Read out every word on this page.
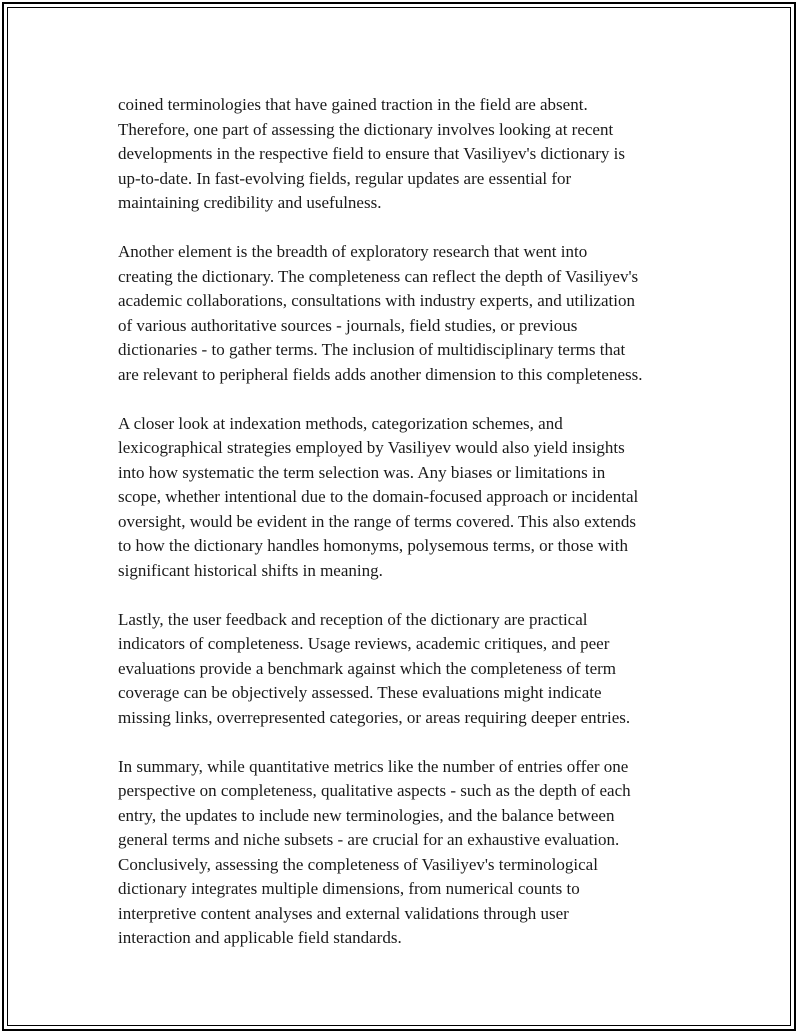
coined terminologies that have gained traction in the field are absent.
Therefore, one part of assessing the dictionary involves looking at recent
developments in the respective field to ensure that Vasiliyev's dictionary is
up-to-date. In fast-evolving fields, regular updates are essential for
maintaining credibility and usefulness.

Another element is the breadth of exploratory research that went into
creating the dictionary. The completeness can reflect the depth of Vasiliyev's
academic collaborations, consultations with industry experts, and utilization
of various authoritative sources - journals, field studies, or previous
dictionaries - to gather terms. The inclusion of multidisciplinary terms that
are relevant to peripheral fields adds another dimension to this completeness.

A closer look at indexation methods, categorization schemes, and
lexicographical strategies employed by Vasiliyev would also yield insights
into how systematic the term selection was. Any biases or limitations in
scope, whether intentional due to the domain-focused approach or incidental
oversight, would be evident in the range of terms covered. This also extends
to how the dictionary handles homonyms, polysemous terms, or those with
significant historical shifts in meaning.

Lastly, the user feedback and reception of the dictionary are practical
indicators of completeness. Usage reviews, academic critiques, and peer
evaluations provide a benchmark against which the completeness of term
coverage can be objectively assessed. These evaluations might indicate
missing links, overrepresented categories, or areas requiring deeper entries.

In summary, while quantitative metrics like the number of entries offer one
perspective on completeness, qualitative aspects - such as the depth of each
entry, the updates to include new terminologies, and the balance between
general terms and niche subsets - are crucial for an exhaustive evaluation.
Conclusively, assessing the completeness of Vasiliyev's terminological
dictionary integrates multiple dimensions, from numerical counts to
interpretive content analyses and external validations through user
interaction and applicable field standards.
